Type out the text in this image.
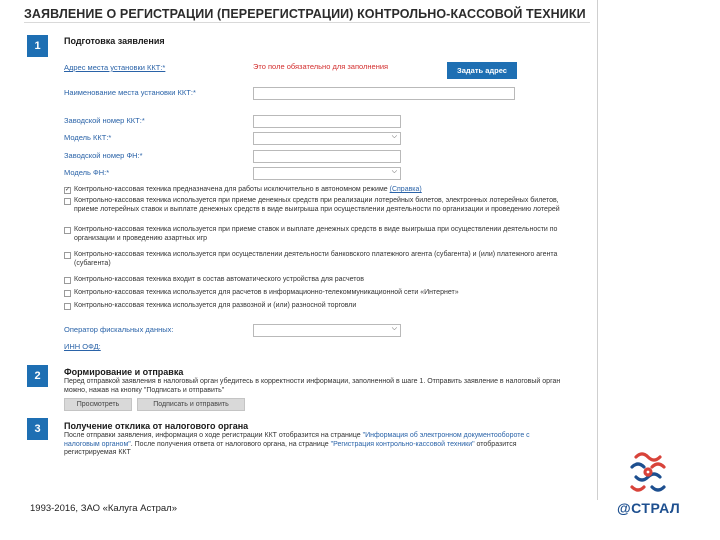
ЗАЯВЛЕНИЕ О РЕГИСТРАЦИИ (ПЕРЕРЕГИСТРАЦИИ) КОНТРОЛЬНО-КАССОВОЙ ТЕХНИКИ
1	Подготовка заявления
Адрес места установки ККТ:*	Это поле обязательно для заполнения	Задать адрес
Наименование места установки ККТ:*
Заводской номер ККТ:*
Модель ККТ:*	⌵
Заводской номер ФН:*
Модель ФН:*	⌵
✓ Контрольно-кассовая техника предназначена для работы исключительно в автономном режиме (Справка)
Контрольно-кассовая техника используется при приеме денежных средств при реализации лотерейных билетов, электронных лотерейных билетов, приеме лотерейных ставок и выплате денежных средств в виде выигрыша при осуществлении деятельности по организации и проведению лотерей
Контрольно-кассовая техника используется при приеме ставок и выплате денежных средств в виде выигрыша при осуществлении деятельности по организации и проведению азартных игр
Контрольно-кассовая техника используется при осуществлении деятельности банковского платежного агента (субагента) и (или) платежного агента (субагента)
Контрольно-кассовая техника входит в состав автоматического устройства для расчетов
Контрольно-кассовая техника используется для расчетов в информационно-телекоммуникационной сети «Интернет»
Контрольно-кассовая техника используется для развозной и (или) разносной торговли
Оператор фискальных данных:	⌵
ИНН ОФД:
2	Формирование и отправка
Перед отправкой заявления в налоговый орган убедитесь в корректности информации, заполненной в шаге 1. Отправить заявление в налоговый орган можно, нажав на кнопку "Подписать и отправить"
Просмотреть	Подписать и отправить
3	Получение отклика от налогового органа
После отправки заявления, информация о ходе регистрации ККТ отобразится на странице "Информация об электронном документообороте с налоговым органом". После получения ответа от налогового органа, на странице "Регистрация контрольно-кассовой техники" отобразится регистрируемая ККТ
1993-2016, ЗАО «Калуга Астрал»	@СТРАЛ
